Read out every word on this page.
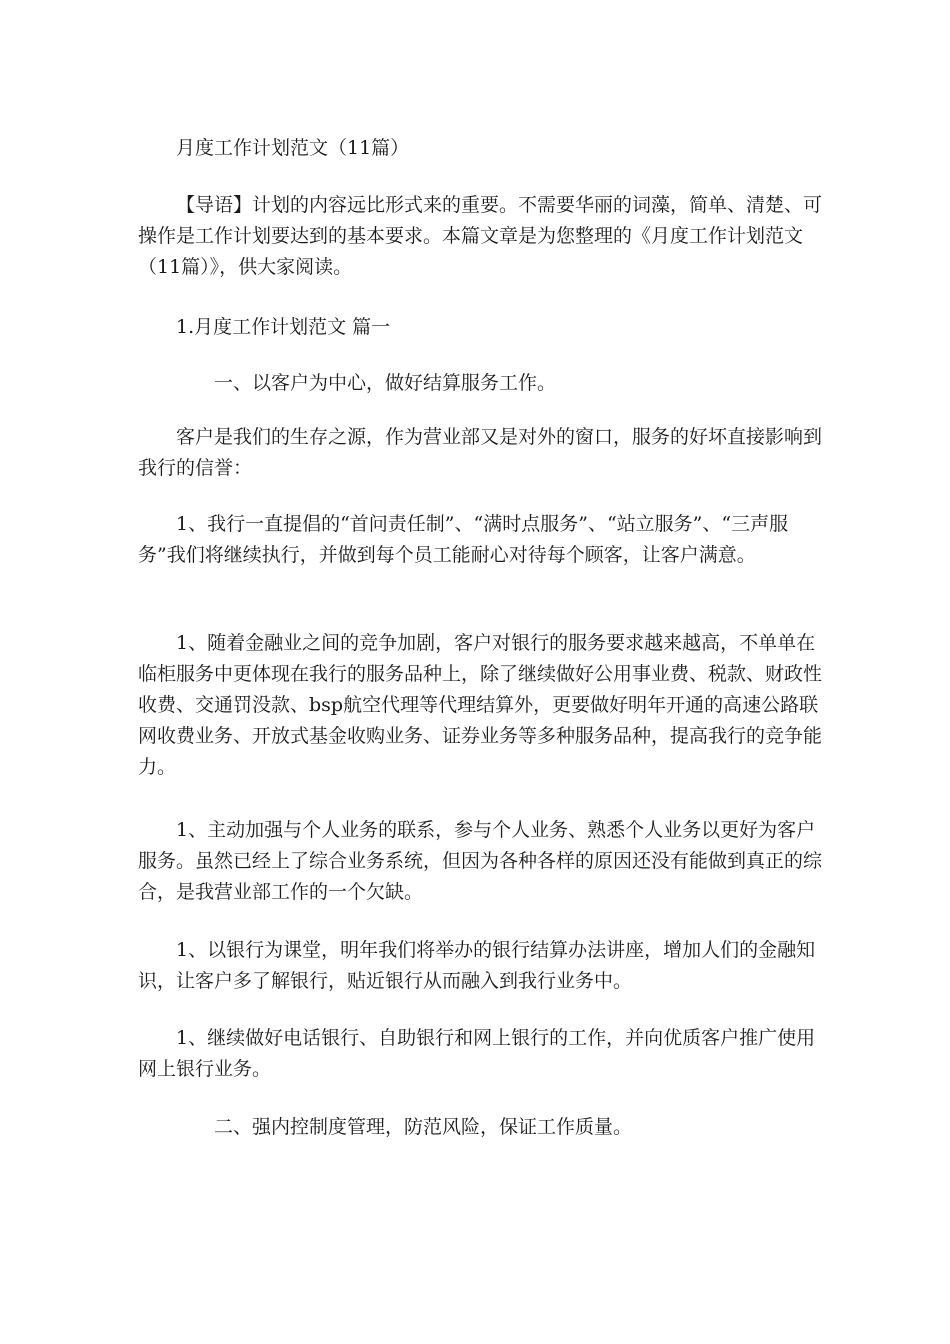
月度工作计划范文（11篇）

【导语】计划的内容远比形式来的重要。不需要华丽的词藻，简单、清楚、可操作是工作计划要达到的基本要求。本篇文章是为您整理的《月度工作计划范文（11篇）》，供大家阅读。

1.月度工作计划范文 篇一
一、以客户为中心，做好结算服务工作。

客户是我们的生存之源，作为营业部又是对外的窗口，服务的好坏直接影响到我行的信誉：

1、我行一直提倡的“首问责任制”、“满时点服务”、“站立服务”、“三声服务”我们将继续执行，并做到每个员工能耐心对待每个顾客，让客户满意。

1、随着金融业之间的竞争加剧，客户对银行的服务要求越来越高，不单单在临柜服务中更体现在我行的服务品种上，除了继续做好公用事业费、税款、财政性收费、交通罚没款、bsp航空代理等代理结算外，更要做好明年开通的高速公路联网收费业务、开放式基金收购业务、证券业务等多种服务品种，提高我行的竞争能力。

1、主动加强与个人业务的联系，参与个人业务、熟悉个人业务以更好为客户服务。虽然已经上了综合业务系统，但因为各种各样的原因还没有能做到真正的综合，是我营业部工作的一个欠缺。

1、以银行为课堂，明年我们将举办的银行结算办法讲座，增加人们的金融知识，让客户多了解银行，贴近银行从而融入到我行业务中。

1、继续做好电话银行、自助银行和网上银行的工作，并向优质客户推广使用网上银行业务。

二、强内控制度管理，防范风险，保证工作质量。
